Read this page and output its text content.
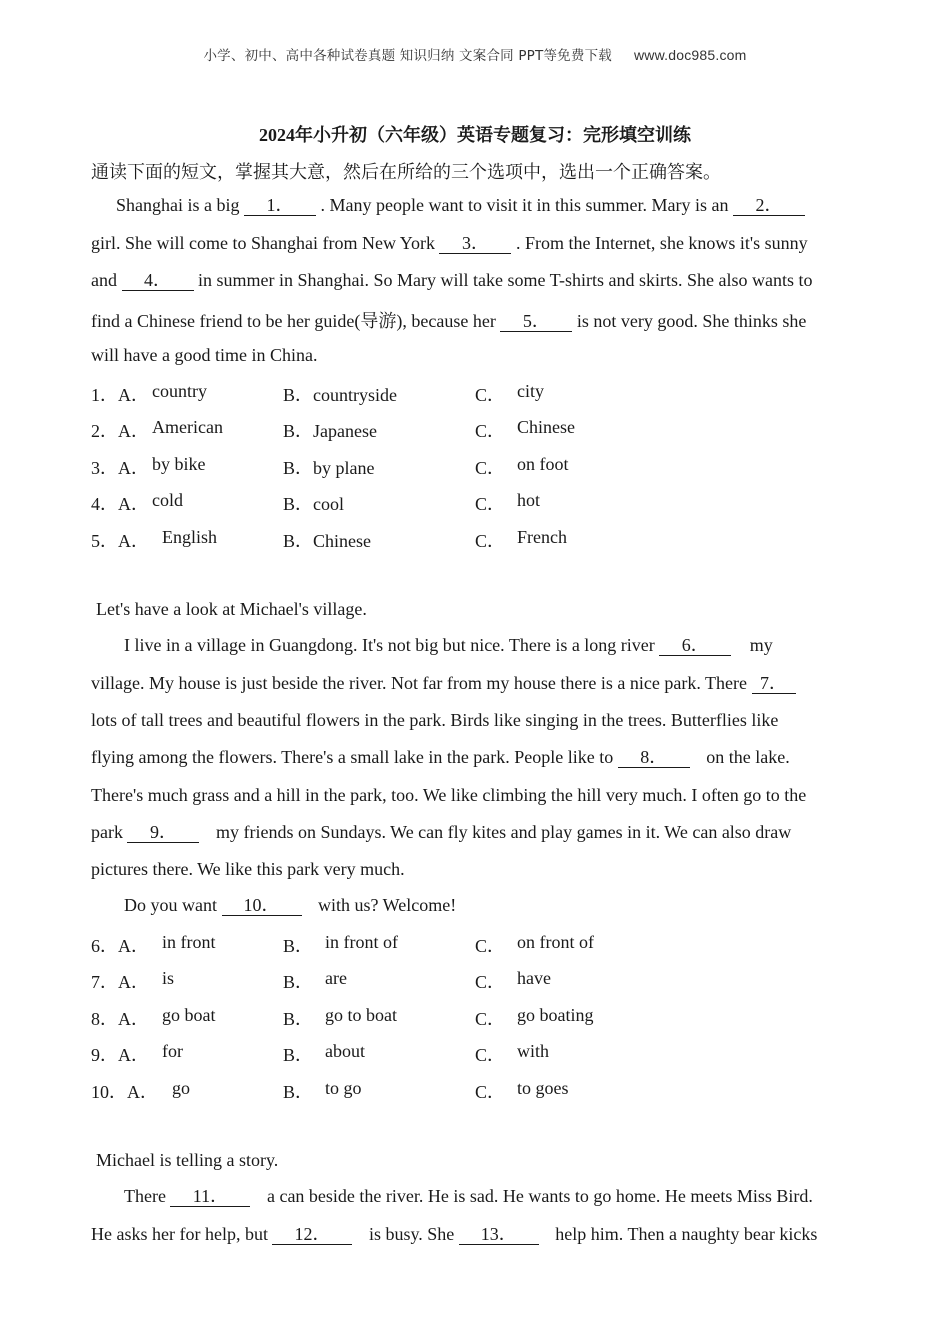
小学、初中、高中各种试卷真题 知识归纳 文案合同 PPT等免费下载 www.doc985.com
2024年小升初（六年级）英语专题复习：完形填空训练
通读下面的短文，掌握其大意，然后在所给的三个选项中，选出一个正确答案。
Shanghai is a big 1． . Many people want to visit it in this summer. Mary is an 2．
girl. She will come to Shanghai from New York 3． . From the Internet, she knows it's sunny
and 4． in summer in Shanghai. So Mary will take some T-shirts and skirts. She also wants to
find a Chinese friend to be her guide(导游), because her 5． is not very good. She thinks she
will have a good time in China.
1．A． country	B．countryside	C． city
2．A． American	B．Japanese	C． Chinese
3．A． by bike	B．by plane	C． on foot
4．A． cold	B．cool	C． hot
5．A． English	B．Chinese	C． French
Let's have a look at Michael's village.
I live in a village in Guangdong. It's not big but nice. There is a long river 6． my
village. My house is just beside the river. Not far from my house there is a nice park. There 7．
lots of tall trees and beautiful flowers in the park. Birds like singing in the trees. Butterflies like
flying among the flowers. There's a small lake in the park. People like to 8． on the lake.
There's much grass and a hill in the park, too. We like climbing the hill very much. I often go to the
park 9． my friends on Sundays. We can fly kites and play games in it. We can also draw
pictures there. We like this park very much.
Do you want 10． with us? Welcome!
6．A． in front	B． in front of	C． on front of
7．A． is	B． are	C． have
8．A． go boat	B． go to boat	C． go boating
9．A． for	B． about	C． with
10．A． go	B． to go	C． to goes
Michael is telling a story.
There 11． a can beside the river. He is sad. He wants to go home. He meets Miss Bird.
He asks her for help, but 12． is busy. She 13． help him. Then a naughty bear kicks
